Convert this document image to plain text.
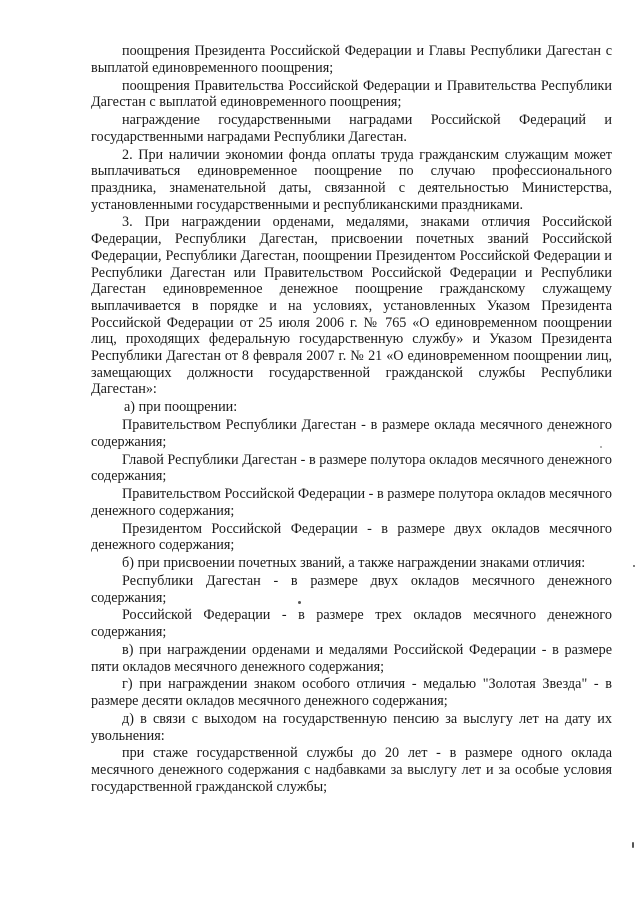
поощрения Президента Российской Федерации и Главы Республики Дагестан с выплатой единовременного поощрения;

поощрения Правительства Российской Федерации и Правительства Республики Дагестан с выплатой единовременного поощрения;

награждение государственными наградами Российской Федераций и государственными наградами Республики Дагестан.

2. При наличии экономии фонда оплаты труда гражданским служащим может выплачиваться единовременное поощрение по случаю профессионального праздника, знаменательной даты, связанной с деятельностью Министерства, установленными государственными и республиканскими праздниками.

3. При награждении орденами, медалями, знаками отличия Российской Федерации, Республики Дагестан, присвоении почетных званий Российской Федерации, Республики Дагестан, поощрении Президентом Российской Федерации и Республики Дагестан или Правительством Российской Федерации и Республики Дагестан единовременное денежное поощрение гражданскому служащему выплачивается в порядке и на условиях, установленных Указом Президента Российской Федерации от 25 июля 2006 г. № 765 «О единовременном поощрении лиц, проходящих федеральную государственную службу» и Указом Президента Республики Дагестан от 8 февраля 2007 г. № 21 «О единовременном поощрении лиц, замещающих должности государственной гражданской службы Республики Дагестан»:

а) при поощрении:

Правительством Республики Дагестан - в размере оклада месячного денежного содержания;

Главой Республики Дагестан - в размере полутора окладов месячного денежного содержания;

Правительством Российской Федерации - в размере полутора окладов месячного денежного содержания;

Президентом Российской Федерации - в размере двух окладов месячного денежного содержания;

б) при присвоении почетных званий, а также награждении знаками отличия:

Республики Дагестан - в размере двух окладов месячного денежного содержания;

Российской Федерации - в размере трех окладов месячного денежного содержания;

в) при награждении орденами и медалями Российской Федерации - в размере пяти окладов месячного денежного содержания;

г) при награждении знаком особого отличия - медалью "Золотая Звезда" - в размере десяти окладов месячного денежного содержания;

д) в связи с выходом на государственную пенсию за выслугу лет на дату их увольнения:

при стаже государственной службы до 20 лет - в размере одного оклада месячного денежного содержания с надбавками за выслугу лет и за особые условия государственной гражданской службы;
